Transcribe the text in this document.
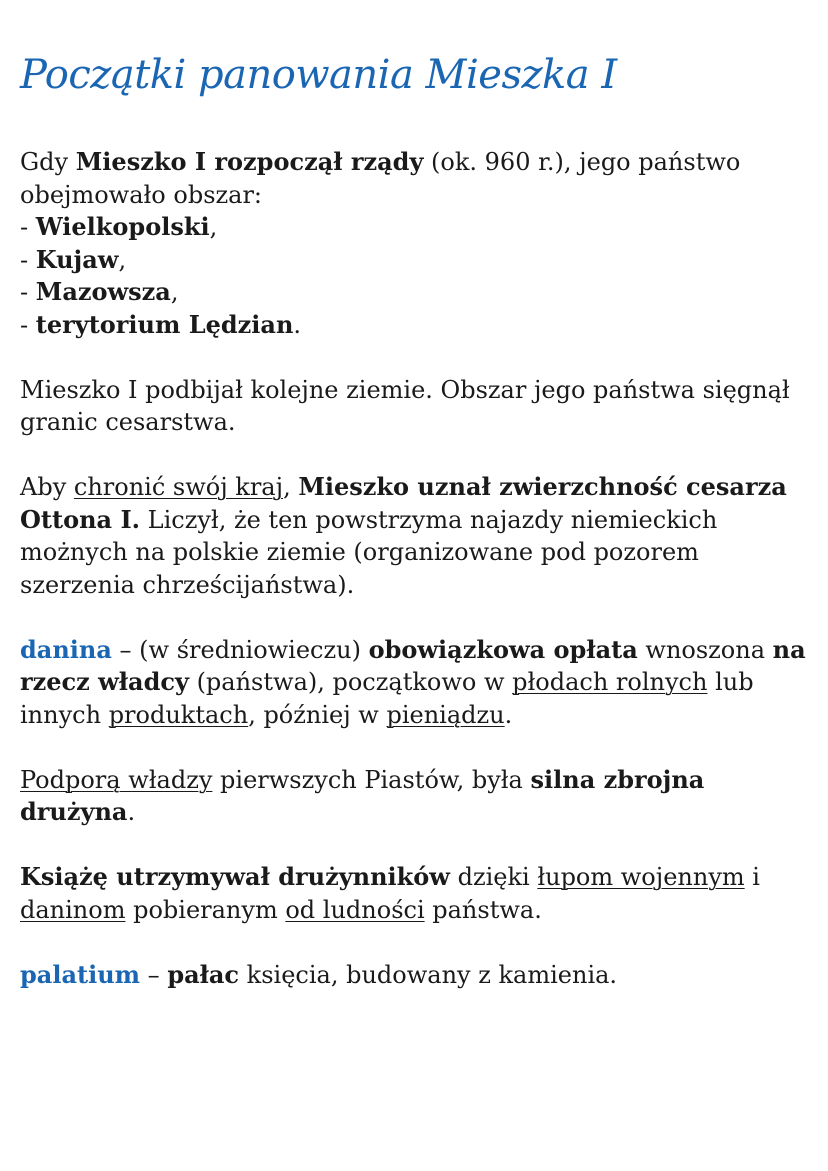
Początki panowania Mieszka I

Gdy Mieszko I rozpoczął rządy (ok. 960 r.), jego państwo obejmowało obszar:
- Wielkopolski,
- Kujaw,
- Mazowsza,
- terytorium Lędzian.

Mieszko I podbijał kolejne ziemie. Obszar jego państwa sięgnął granic cesarstwa.

Aby chronić swój kraj, Mieszko uznał zwierzchność cesarza Ottona I. Liczył, że ten powstrzyma najazdy niemieckich możnych na polskie ziemie (organizowane pod pozorem szerzenia chrześcijaństwa).

danina – (w średniowieczu) obowiązkowa opłata wnoszona na rzecz władcy (państwa), początkowo w płodach rolnych lub innych produktach, później w pieniądzu.

Podporą władzy pierwszych Piastów, była silna zbrojna drużyna.

Książę utrzymywał drużynników dzięki łupom wojennym i daninom pobieranym od ludności państwa.

palatium – pałac księcia, budowany z kamienia.
